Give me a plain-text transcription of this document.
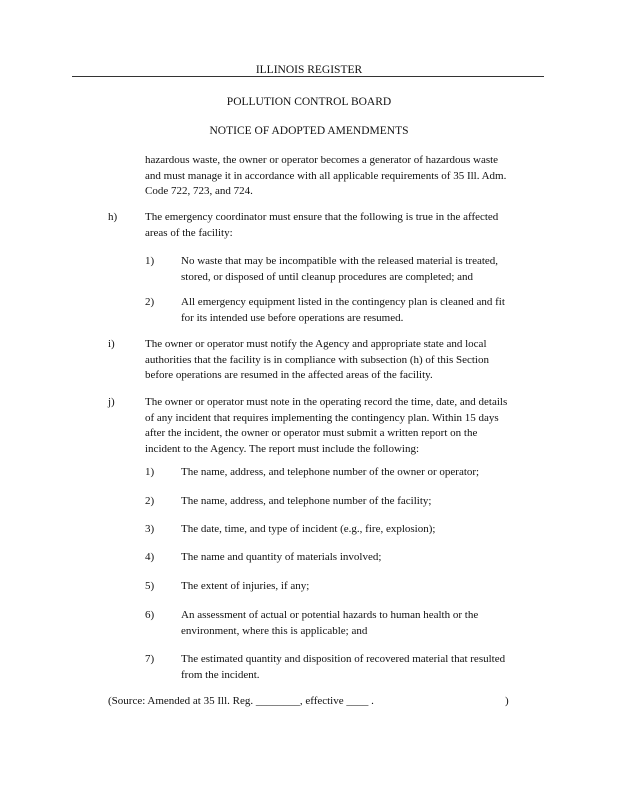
ILLINOIS REGISTER
POLLUTION CONTROL BOARD
NOTICE OF ADOPTED AMENDMENTS
hazardous waste, the owner or operator becomes a generator of hazardous waste
and must manage it in accordance with all applicable requirements of 35 Ill. Adm.
Code 722, 723, and 724.
h)	The emergency coordinator must ensure that the following is true in the affected
areas of the facility:
1) No waste that may be incompatible with the released material is treated,
stored, or disposed of until cleanup procedures are completed; and
2) All emergency equipment listed in the contingency plan is cleaned and fit
for its intended use before operations are resumed.
i)	The owner or operator must notify the Agency and appropriate state and local
authorities that the facility is in compliance with subsection (h) of this Section
before operations are resumed in the affected areas of the facility.
j)	The owner or operator must note in the operating record the time, date, and details
of any incident that requires implementing the contingency plan. Within 15 days
after the incident, the owner or operator must submit a written report on the
incident to the Agency. The report must include the following:
1) The name, address, and telephone number of the owner or operator;
2) The name, address, and telephone number of the facility;
3) The date, time, and type of incident (e.g., fire, explosion);
4) The name and quantity of materials involved;
5) The extent of injuries, if any;
6) An assessment of actual or potential hazards to human health or the
environment, where this is applicable; and
7) The estimated quantity and disposition of recovered material that resulted
from the incident.
(Source: Amended at 35 Ill. Reg. ________, effective ____ .	)
